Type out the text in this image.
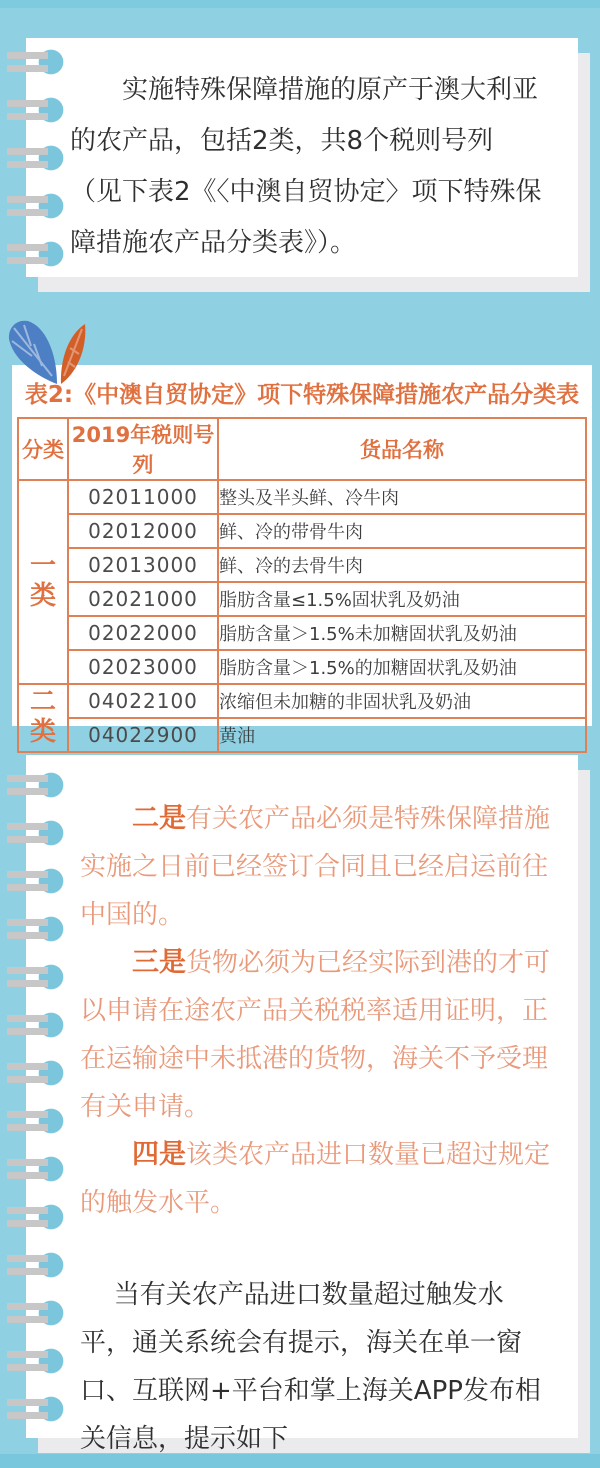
实施特殊保障措施的原产于澳大利亚的农产品，包括2类，共8个税则号列（见下表2《〈中澳自贸协定〉项下特殊保障措施农产品分类表》）。

表2:《中澳自贸协定》项下特殊保障措施农产品分类表
分类	2019年税则号列	货品名称

一类	02011000	整头及半头鲜、冷牛肉
	02012000	鲜、冷的带骨牛肉
	02013000	鲜、冷的去骨牛肉
	02021000	脂肪含量≤1.5%固状乳及奶油
	02022000	脂肪含量＞1.5%未加糖固状乳及奶油
	02023000	脂肪含量＞1.5%的加糖固状乳及奶油

二类	04022100	浓缩但未加糖的非固状乳及奶油
	04022900	黄油

二是有关农产品必须是特殊保障措施实施之日前已经签订合同且已经启运前往中国的。

三是货物必须为已经实际到港的才可以申请在途农产品关税税率适用证明，正在运输途中未抵港的货物，海关不予受理有关申请。

四是该类农产品进口数量已超过规定的触发水平。

当有关农产品进口数量超过触发水平，通关系统会有提示，海关在单一窗口、互联网+平台和掌上海关APP发布相关信息，提示如下
